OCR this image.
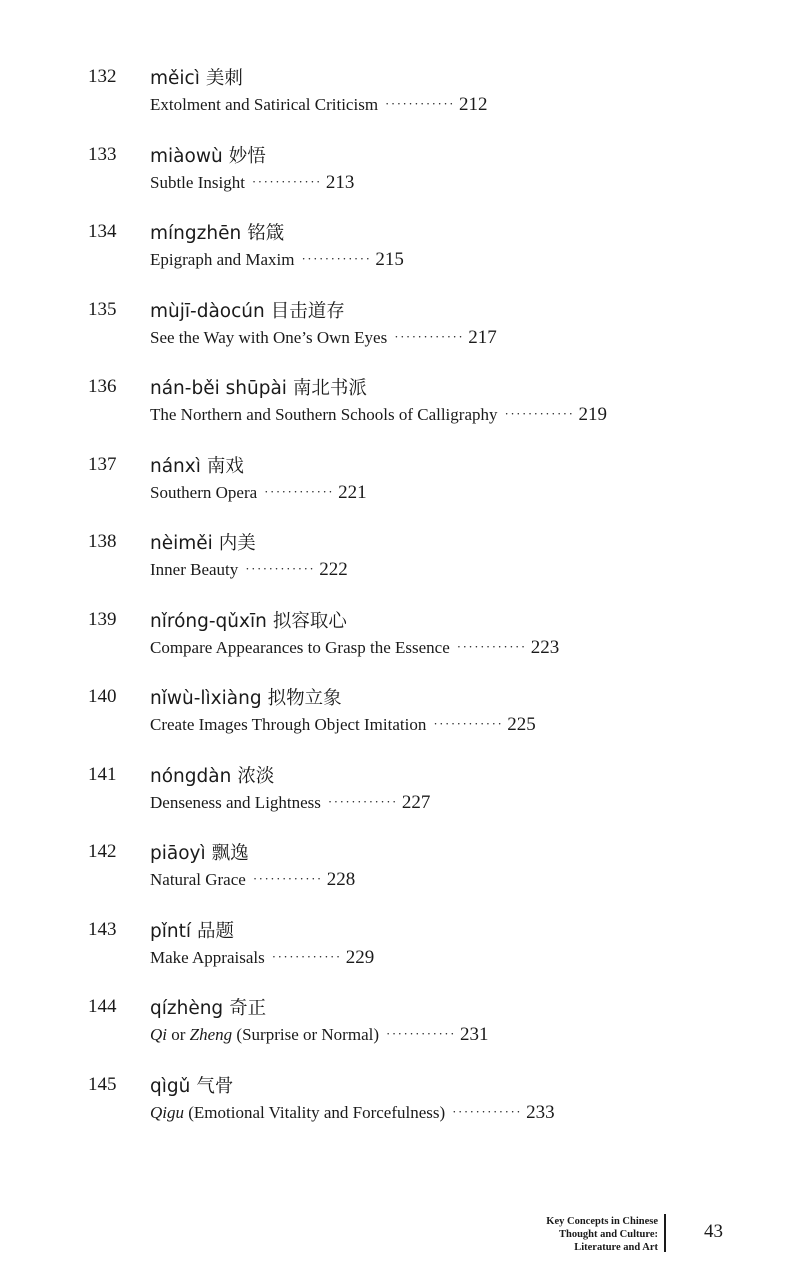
132 měicì 美刺
Extolment and Satirical Criticism ············ 212
133 miàowù 妙悟
Subtle Insight ············ 213
134 míngzhēn 铭箴
Epigraph and Maxim ············ 215
135 mùjī-dàocún 目击道存
See the Way with One’s Own Eyes ············ 217
136 nán-běi shūpài 南北书派
The Northern and Southern Schools of Calligraphy ············ 219
137 nánxì 南戏
Southern Opera ············ 221
138 nèiměi 内美
Inner Beauty ············ 222
139 nǐróng-qǔxīn 拟容取心
Compare Appearances to Grasp the Essence ············ 223
140 nǐwù-lìxiàng 拟物立象
Create Images Through Object Imitation ············ 225
141 nóngdàn 浓淡
Denseness and Lightness ············ 227
142 piāoyì 飘逸
Natural Grace ············ 228
143 pǐntí 品题
Make Appraisals ············ 229
144 qízhèng 奇正
Qi or Zheng (Surprise or Normal) ············ 231
145 qìgǔ 气骨
Qigu (Emotional Vitality and Forcefulness) ············ 233
Key Concepts in Chinese
Thought and Culture:
Literature and Art
43
